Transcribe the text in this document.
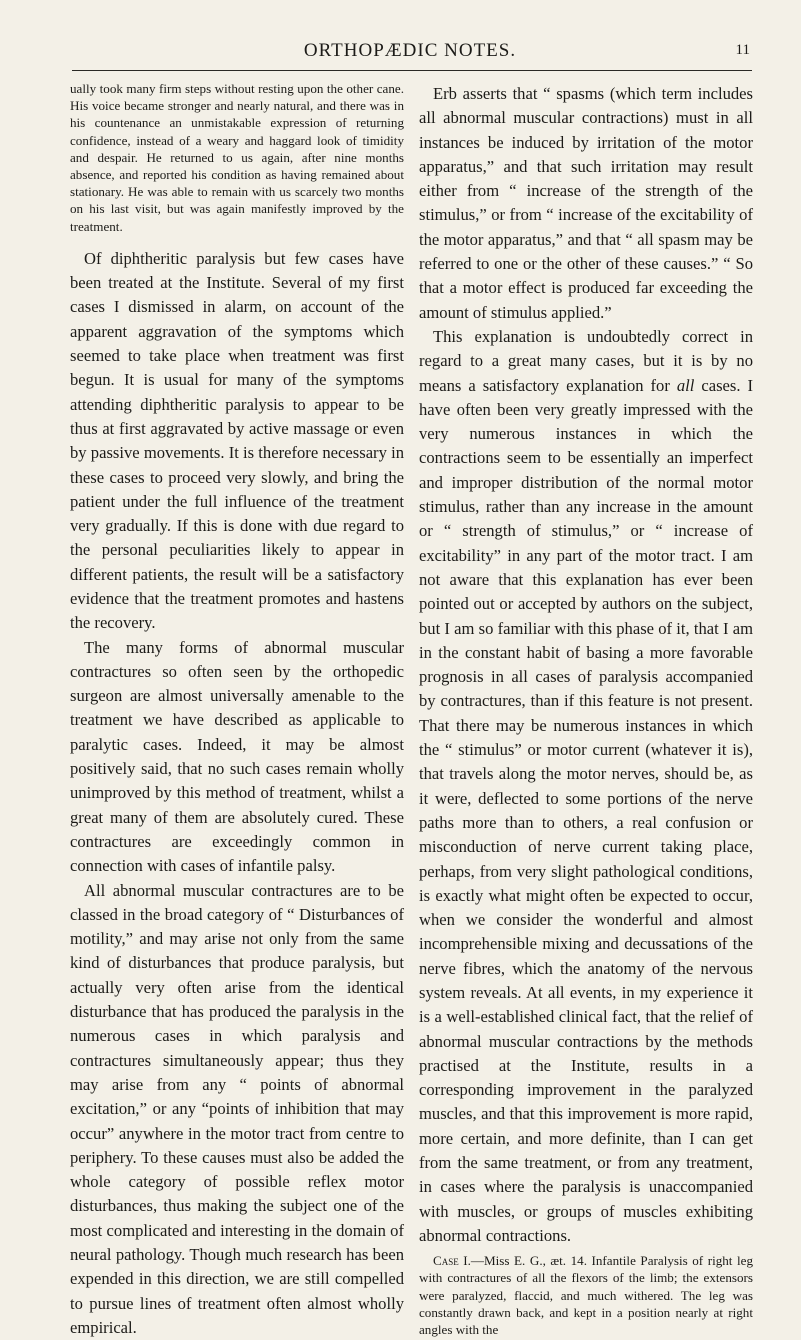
ORTHOPÆDIC NOTES.	11

ually took many firm steps without resting upon the other cane. His voice became stronger and nearly natural, and there was in his countenance an unmistakable expression of returning confidence, instead of a weary and haggard look of timidity and despair. He returned to us again, after nine months absence, and reported his condition as having remained about stationary. He was able to remain with us scarcely two months on his last visit, but was again manifestly improved by the treatment.

Of diphtheritic paralysis but few cases have been treated at the Institute. Several of my first cases I dismissed in alarm, on account of the apparent aggravation of the symptoms which seemed to take place when treatment was first begun. It is usual for many of the symptoms attending diphtheritic paralysis to appear to be thus at first aggravated by active massage or even by passive movements. It is therefore necessary in these cases to proceed very slowly, and bring the patient under the full influence of the treatment very gradually. If this is done with due regard to the personal peculiarities likely to appear in different patients, the result will be a satisfactory evidence that the treatment promotes and hastens the recovery.

The many forms of abnormal muscular contractures so often seen by the orthopedic surgeon are almost universally amenable to the treatment we have described as applicable to paralytic cases. Indeed, it may be almost positively said, that no such cases remain wholly unimproved by this method of treatment, whilst a great many of them are absolutely cured. These contractures are exceedingly common in connection with cases of infantile palsy.

All abnormal muscular contractures are to be classed in the broad category of “ Disturbances of motility,” and may arise not only from the same kind of disturbances that produce paralysis, but actually very often arise from the identical disturbance that has produced the paralysis in the numerous cases in which paralysis and contractures simultaneously appear; thus they may arise from any “ points of abnormal excitation,” or any “points of inhibition that may occur” anywhere in the motor tract from centre to periphery. To these causes must also be added the whole category of possible reflex motor disturbances, thus making the subject one of the most complicated and interesting in the domain of neural pathology. Though much research has been expended in this direction, we are still compelled to pursue lines of treatment often almost wholly empirical.

Erb asserts that “ spasms (which term includes all abnormal muscular contractions) must in all instances be induced by irritation of the motor apparatus,” and that such irritation may result either from “ increase of the strength of the stimulus,” or from “ increase of the excitability of the motor apparatus,” and that “ all spasm may be referred to one or the other of these causes.” “ So that a motor effect is produced far exceeding the amount of stimulus applied.”

This explanation is undoubtedly correct in regard to a great many cases, but it is by no means a satisfactory explanation for all cases. I have often been very greatly impressed with the very numerous instances in which the contractions seem to be essentially an imperfect and improper distribution of the normal motor stimulus, rather than any increase in the amount or “ strength of stimulus,” or “ increase of excitability” in any part of the motor tract. I am not aware that this explanation has ever been pointed out or accepted by authors on the subject, but I am so familiar with this phase of it, that I am in the constant habit of basing a more favorable prognosis in all cases of paralysis accompanied by contractures, than if this feature is not present. That there may be numerous instances in which the “ stimulus” or motor current (whatever it is), that travels along the motor nerves, should be, as it were, deflected to some portions of the nerve paths more than to others, a real confusion or misconduction of nerve current taking place, perhaps, from very slight pathological conditions, is exactly what might often be expected to occur, when we consider the wonderful and almost incomprehensible mixing and decussations of the nerve fibres, which the anatomy of the nervous system reveals. At all events, in my experience it is a well-established clinical fact, that the relief of abnormal muscular contractions by the methods practised at the Institute, results in a corresponding improvement in the paralyzed muscles, and that this improvement is more rapid, more certain, and more definite, than I can get from the same treatment, or from any treatment, in cases where the paralysis is unaccompanied with muscles, or groups of muscles exhibiting abnormal contractions.

Case I.—Miss E. G., æt. 14. Infantile Paralysis of right leg with contractures of all the flexors of the limb; the extensors were paralyzed, flaccid, and much withered. The leg was constantly drawn back, and kept in a position nearly at right angles with the
